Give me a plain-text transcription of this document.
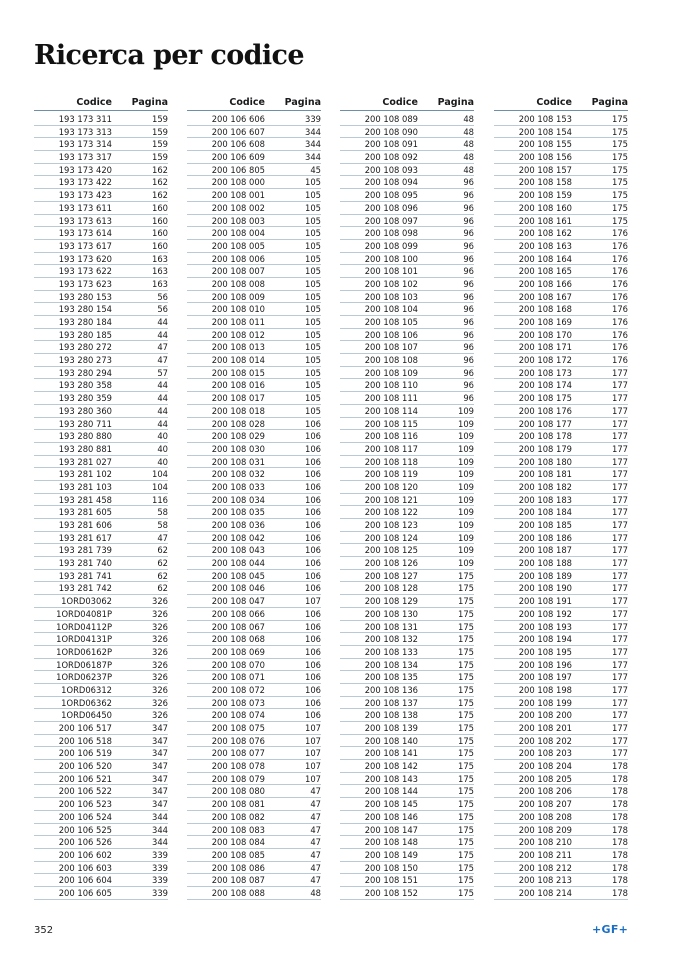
Ricerca per codice
Codice	Pagina
193 173 311	159
193 173 313	159
193 173 314	159
193 173 317	159
193 173 420	162
193 173 422	162
193 173 423	162
193 173 611	160
193 173 613	160
193 173 614	160
193 173 617	160
193 173 620	163
193 173 622	163
193 173 623	163
193 280 153	56
193 280 154	56
193 280 184	44
193 280 185	44
193 280 272	47
193 280 273	47
193 280 294	57
193 280 358	44
193 280 359	44
193 280 360	44
193 280 711	44
193 280 880	40
193 280 881	40
193 281 027	40
193 281 102	104
193 281 103	104
193 281 458	116
193 281 605	58
193 281 606	58
193 281 617	47
193 281 739	62
193 281 740	62
193 281 741	62
193 281 742	62
1ORD03062	326
1ORD04081P	326
1ORD04112P	326
1ORD04131P	326
1ORD06162P	326
1ORD06187P	326
1ORD06237P	326
1ORD06312	326
1ORD06362	326
1ORD06450	326
200 106 517	347
200 106 518	347
200 106 519	347
200 106 520	347
200 106 521	347
200 106 522	347
200 106 523	347
200 106 524	344
200 106 525	344
200 106 526	344
200 106 602	339
200 106 603	339
200 106 604	339
200 106 605	339
Codice	Pagina
200 106 606	339
200 106 607	344
200 106 608	344
200 106 609	344
200 106 805	45
200 108 000	105
200 108 001	105
200 108 002	105
200 108 003	105
200 108 004	105
200 108 005	105
200 108 006	105
200 108 007	105
200 108 008	105
200 108 009	105
200 108 010	105
200 108 011	105
200 108 012	105
200 108 013	105
200 108 014	105
200 108 015	105
200 108 016	105
200 108 017	105
200 108 018	105
200 108 028	106
200 108 029	106
200 108 030	106
200 108 031	106
200 108 032	106
200 108 033	106
200 108 034	106
200 108 035	106
200 108 036	106
200 108 042	106
200 108 043	106
200 108 044	106
200 108 045	106
200 108 046	106
200 108 047	107
200 108 066	106
200 108 067	106
200 108 068	106
200 108 069	106
200 108 070	106
200 108 071	106
200 108 072	106
200 108 073	106
200 108 074	106
200 108 075	107
200 108 076	107
200 108 077	107
200 108 078	107
200 108 079	107
200 108 080	47
200 108 081	47
200 108 082	47
200 108 083	47
200 108 084	47
200 108 085	47
200 108 086	47
200 108 087	47
200 108 088	48
Codice	Pagina
200 108 089	48
200 108 090	48
200 108 091	48
200 108 092	48
200 108 093	48
200 108 094	96
200 108 095	96
200 108 096	96
200 108 097	96
200 108 098	96
200 108 099	96
200 108 100	96
200 108 101	96
200 108 102	96
200 108 103	96
200 108 104	96
200 108 105	96
200 108 106	96
200 108 107	96
200 108 108	96
200 108 109	96
200 108 110	96
200 108 111	96
200 108 114	109
200 108 115	109
200 108 116	109
200 108 117	109
200 108 118	109
200 108 119	109
200 108 120	109
200 108 121	109
200 108 122	109
200 108 123	109
200 108 124	109
200 108 125	109
200 108 126	109
200 108 127	175
200 108 128	175
200 108 129	175
200 108 130	175
200 108 131	175
200 108 132	175
200 108 133	175
200 108 134	175
200 108 135	175
200 108 136	175
200 108 137	175
200 108 138	175
200 108 139	175
200 108 140	175
200 108 141	175
200 108 142	175
200 108 143	175
200 108 144	175
200 108 145	175
200 108 146	175
200 108 147	175
200 108 148	175
200 108 149	175
200 108 150	175
200 108 151	175
200 108 152	175
Codice	Pagina
200 108 153	175
200 108 154	175
200 108 155	175
200 108 156	175
200 108 157	175
200 108 158	175
200 108 159	175
200 108 160	175
200 108 161	175
200 108 162	176
200 108 163	176
200 108 164	176
200 108 165	176
200 108 166	176
200 108 167	176
200 108 168	176
200 108 169	176
200 108 170	176
200 108 171	176
200 108 172	176
200 108 173	177
200 108 174	177
200 108 175	177
200 108 176	177
200 108 177	177
200 108 178	177
200 108 179	177
200 108 180	177
200 108 181	177
200 108 182	177
200 108 183	177
200 108 184	177
200 108 185	177
200 108 186	177
200 108 187	177
200 108 188	177
200 108 189	177
200 108 190	177
200 108 191	177
200 108 192	177
200 108 193	177
200 108 194	177
200 108 195	177
200 108 196	177
200 108 197	177
200 108 198	177
200 108 199	177
200 108 200	177
200 108 201	177
200 108 202	177
200 108 203	177
200 108 204	178
200 108 205	178
200 108 206	178
200 108 207	178
200 108 208	178
200 108 209	178
200 108 210	178
200 108 211	178
200 108 212	178
200 108 213	178
200 108 214	178
352	+GF+
